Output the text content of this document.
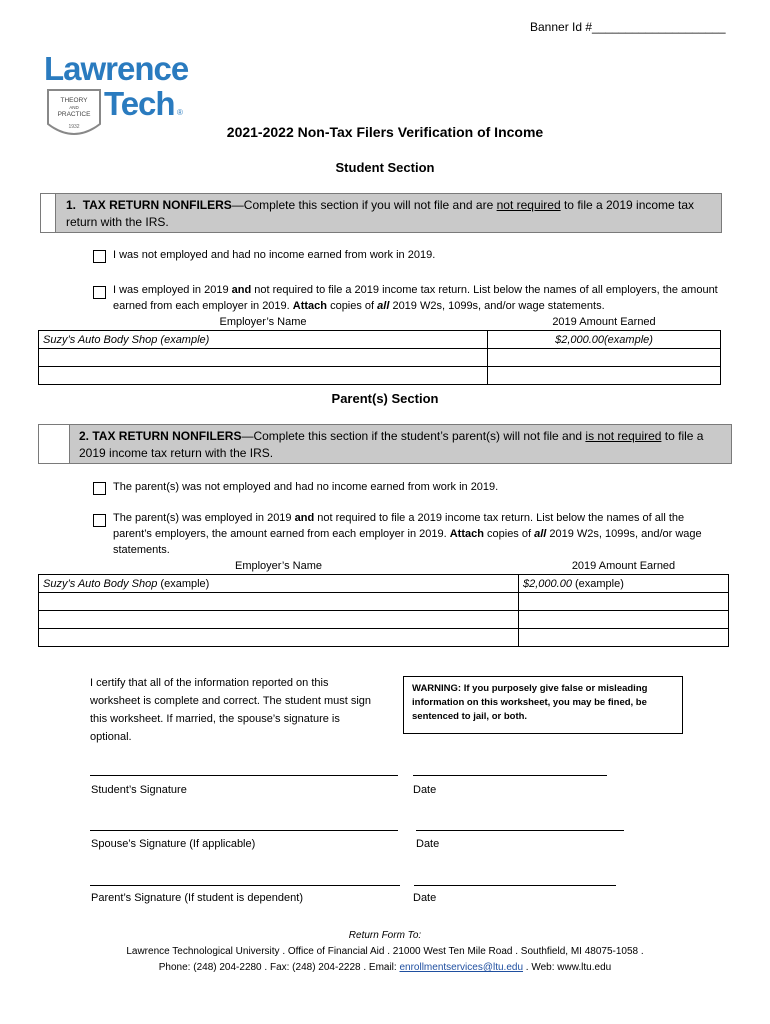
Banner Id #____________________
Lawrence
THEORY
AND
PRACTICE
1932
Tech ®
2021-2022 Non-Tax Filers Verification of Income
Student Section
1. TAX RETURN NONFILERS—Complete this section if you will not file and are not required to file a 2019 income tax return with the IRS.
I was not employed and had no income earned from work in 2019.
I was employed in 2019 and not required to file a 2019 income tax return. List below the names of all employers, the amount earned from each employer in 2019. Attach copies of all 2019 W2s, 1099s, and/or wage statements.
Employer’s Name	2019 Amount Earned
Suzy’s Auto Body Shop (example)	$2,000.00(example)

Parent(s) Section
2. TAX RETURN NONFILERS—Complete this section if the student’s parent(s) will not file and is not required to file a 2019 income tax return with the IRS.
The parent(s) was not employed and had no income earned from work in 2019.
The parent(s) was employed in 2019 and not required to file a 2019 income tax return. List below the names of all the parent’s employers, the amount earned from each employer in 2019. Attach copies of all 2019 W2s, 1099s, and/or wage statements.
Employer’s Name	2019 Amount Earned
Suzy’s Auto Body Shop (example)	$2,000.00 (example)

I certify that all of the information reported on this worksheet is complete and correct. The student must sign this worksheet. If married, the spouse’s signature is optional.
WARNING: If you purposely give false or misleading information on this worksheet, you may be fined, be sentenced to jail, or both.
Student’s Signature	Date
Spouse’s Signature (If applicable)	Date
Parent’s Signature (If student is dependent)	Date
Return Form To:
Lawrence Technological University . Office of Financial Aid . 21000 West Ten Mile Road . Southfield, MI 48075-1058 .
Phone: (248) 204-2280 . Fax: (248) 204-2228 . Email: enrollmentservices@ltu.edu . Web: www.ltu.edu
